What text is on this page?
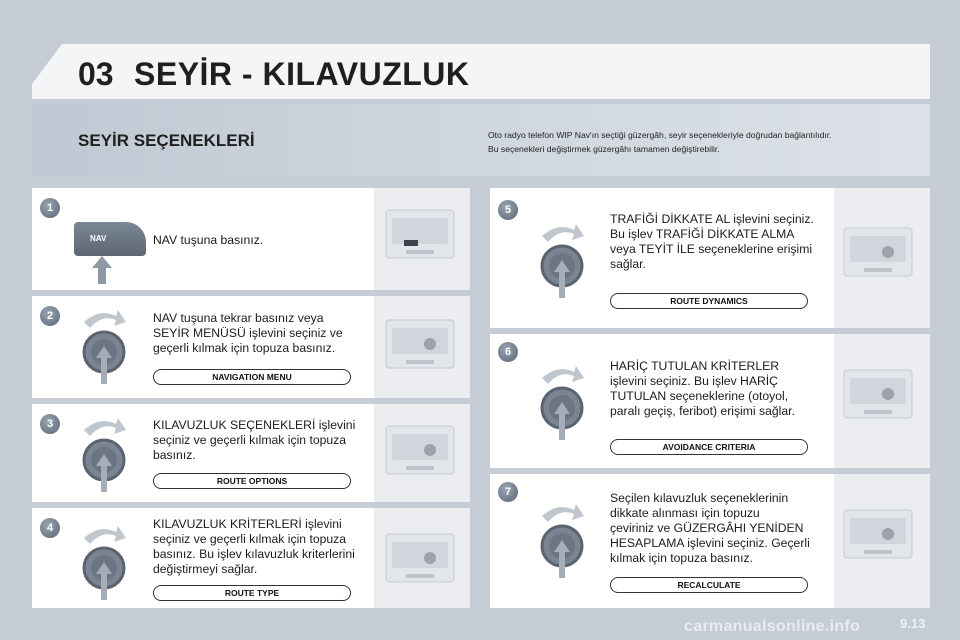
03 SEYİR - KILAVUZLUK
SEYİR SEÇENEKLERİ	Oto radyo telefon WIP Nav'ın seçtiği güzergâh, seyir seçenekleriyle doğrudan bağlantılıdır.
Bu seçenekleri değiştirmek güzergâhı tamamen değiştirebilir.
1
NAV	NAV tuşuna basınız.
2	NAV tuşuna tekrar basınız veya
SEYİR MENÜSÜ işlevini seçiniz ve
geçerli kılmak için topuza basınız.
NAVIGATION MENU
3	KILAVUZLUK SEÇENEKLERİ işlevini
seçiniz ve geçerli kılmak için topuza
basınız.
ROUTE OPTIONS
4	KILAVUZLUK KRİTERLERİ işlevini
seçiniz ve geçerli kılmak için topuza
basınız. Bu işlev kılavuzluk kriterlerini
değiştirmeyi sağlar.
ROUTE TYPE
5
TRAFİĞİ DİKKATE AL işlevini seçiniz.
Bu işlev TRAFİĞİ DİKKATE ALMA
veya TEYİT İLE seçeneklerine erişimi
sağlar.
ROUTE DYNAMICS
6
HARİÇ TUTULAN KRİTERLER
işlevini seçiniz. Bu işlev HARİÇ
TUTULAN seçeneklerine (otoyol,
paralı geçiş, feribot) erişimi sağlar.
AVOIDANCE CRITERIA
7	Seçilen kılavuzluk seçeneklerinin
dikkate alınması için topuzu
çeviriniz ve GÜZERGÂHI YENİDEN
HESAPLAMA işlevini seçiniz. Geçerli
kılmak için topuza basınız.
RECALCULATE
carmanualsonline.info	9.13
